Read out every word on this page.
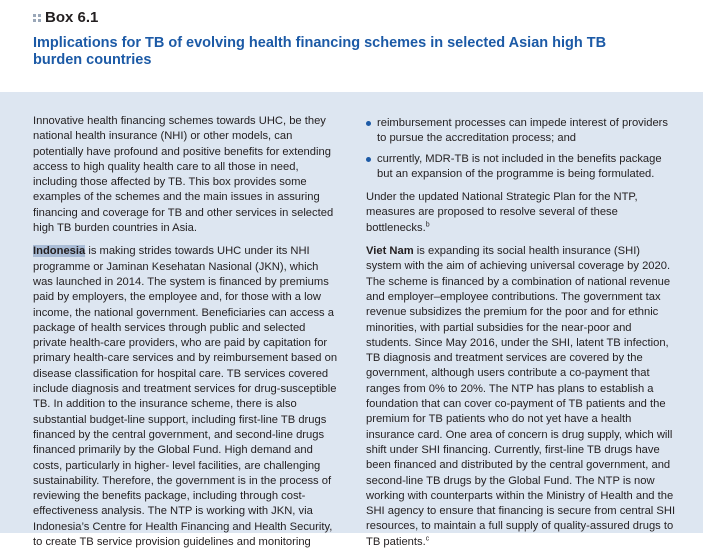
Box 6.1
Implications for TB of evolving health financing schemes in selected Asian high TB burden countries

Innovative health financing schemes towards UHC, be they national health insurance (NHI) or other models, can potentially have profound and positive benefits for extending access to high quality health care to all those in need, including those affected by TB. This box provides some examples of the schemes and the main issues in assuring financing and coverage for TB and other services in selected high TB burden countries in Asia.

Indonesia is making strides towards UHC under its NHI programme or Jaminan Kesehatan Nasional (JKN), which was launched in 2014. The system is financed by premiums paid by employers, the employee and, for those with a low income, the national government. Beneficiaries can access a package of health services through public and selected private health-care providers, who are paid by capitation for primary health-care services and by reimbursement based on disease classification for hospital care. TB services covered include diagnosis and treatment services for drug-susceptible TB. In addition to the insurance scheme, there is also substantial budget-line support, including first-line TB drugs financed by the central government, and second-line drugs financed primarily by the Global Fund. High demand and costs, particularly in higher- level facilities, are challenging sustainability. Therefore, the government is in the process of reviewing the benefits package, including through cost-effectiveness analysis. The NTP is working with JKN, via Indonesia’s Centre for Health Financing and Health Security, to create TB service provision guidelines and monitoring

reimbursement processes can impede interest of providers to pursue the accreditation process; and
currently, MDR-TB is not included in the benefits package but an expansion of the programme is being formulated.

Under the updated National Strategic Plan for the NTP, measures are proposed to resolve several of these bottlenecks.$^b$

Viet Nam is expanding its social health insurance (SHI) system with the aim of achieving universal coverage by 2020. The scheme is financed by a combination of national revenue and employer–employee contributions. The government tax revenue subsidizes the premium for the poor and for ethnic minorities, with partial subsidies for the near-poor and students. Since May 2016, under the SHI, latent TB infection, TB diagnosis and treatment services are covered by the government, although users contribute a co-payment that ranges from 0% to 20%. The NTP has plans to establish a foundation that can cover co-payment of TB patients and the premium for TB patients who do not yet have a health insurance card. One area of concern is drug supply, which will shift under SHI financing. Currently, first-line TB drugs have been financed and distributed by the central government, and second-line TB drugs by the Global Fund. The NTP is now working with counterparts within the Ministry of Health and the SHI agency to ensure that financing is secure from central SHI resources, to maintain a full supply of quality-assured drugs to TB patients.$^c$
